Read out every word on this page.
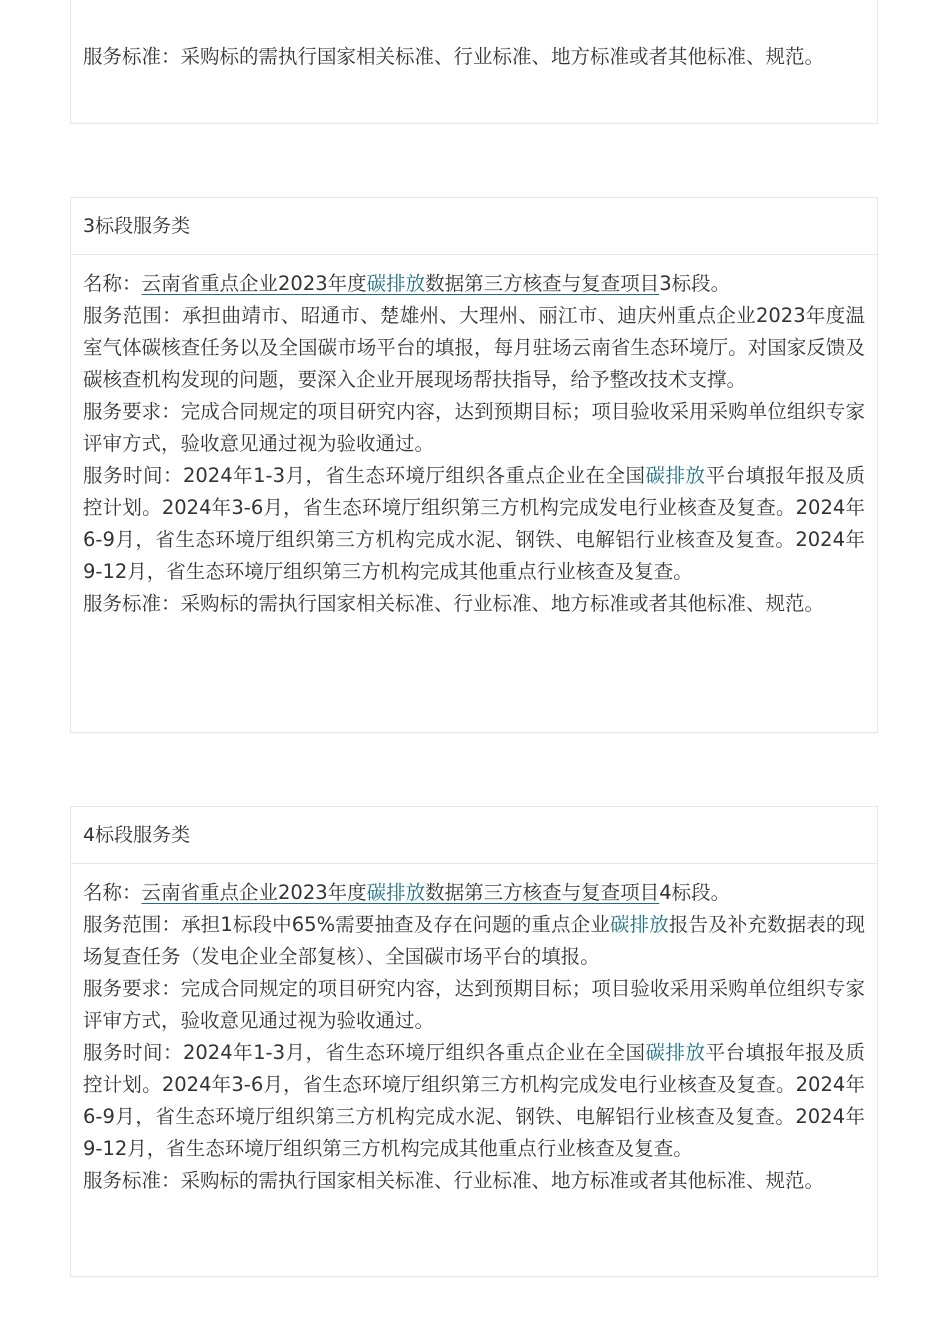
服务标准：采购标的需执行国家相关标准、行业标准、地方标准或者其他标准、规范。

3标段服务类

名称：云南省重点企业2023年度碳排放数据第三方核查与复查项目3标段。

服务范围：承担曲靖市、昭通市、楚雄州、大理州、丽江市、迪庆州重点企业2023年度温室气体碳核查任务以及全国碳市场平台的填报，每月驻场云南省生态环境厅。对国家反馈及碳核查机构发现的问题，要深入企业开展现场帮扶指导，给予整改技术支撑。

服务要求：完成合同规定的项目研究内容，达到预期目标；项目验收采用采购单位组织专家评审方式，验收意见通过视为验收通过。

服务时间：2024年1-3月，省生态环境厅组织各重点企业在全国碳排放平台填报年报及质控计划。2024年3-6月，省生态环境厅组织第三方机构完成发电行业核查及复查。2024年6-9月，省生态环境厅组织第三方机构完成水泥、钢铁、电解铝行业核查及复查。2024年9-12月，省生态环境厅组织第三方机构完成其他重点行业核查及复查。

服务标准：采购标的需执行国家相关标准、行业标准、地方标准或者其他标准、规范。

4标段服务类

名称：云南省重点企业2023年度碳排放数据第三方核查与复查项目4标段。

服务范围：承担1标段中65%需要抽查及存在问题的重点企业碳排放报告及补充数据表的现场复查任务（发电企业全部复核）、全国碳市场平台的填报。

服务要求：完成合同规定的项目研究内容，达到预期目标；项目验收采用采购单位组织专家评审方式，验收意见通过视为验收通过。

服务时间：2024年1-3月，省生态环境厅组织各重点企业在全国碳排放平台填报年报及质控计划。2024年3-6月，省生态环境厅组织第三方机构完成发电行业核查及复查。2024年6-9月，省生态环境厅组织第三方机构完成水泥、钢铁、电解铝行业核查及复查。2024年9-12月，省生态环境厅组织第三方机构完成其他重点行业核查及复查。

服务标准：采购标的需执行国家相关标准、行业标准、地方标准或者其他标准、规范。
